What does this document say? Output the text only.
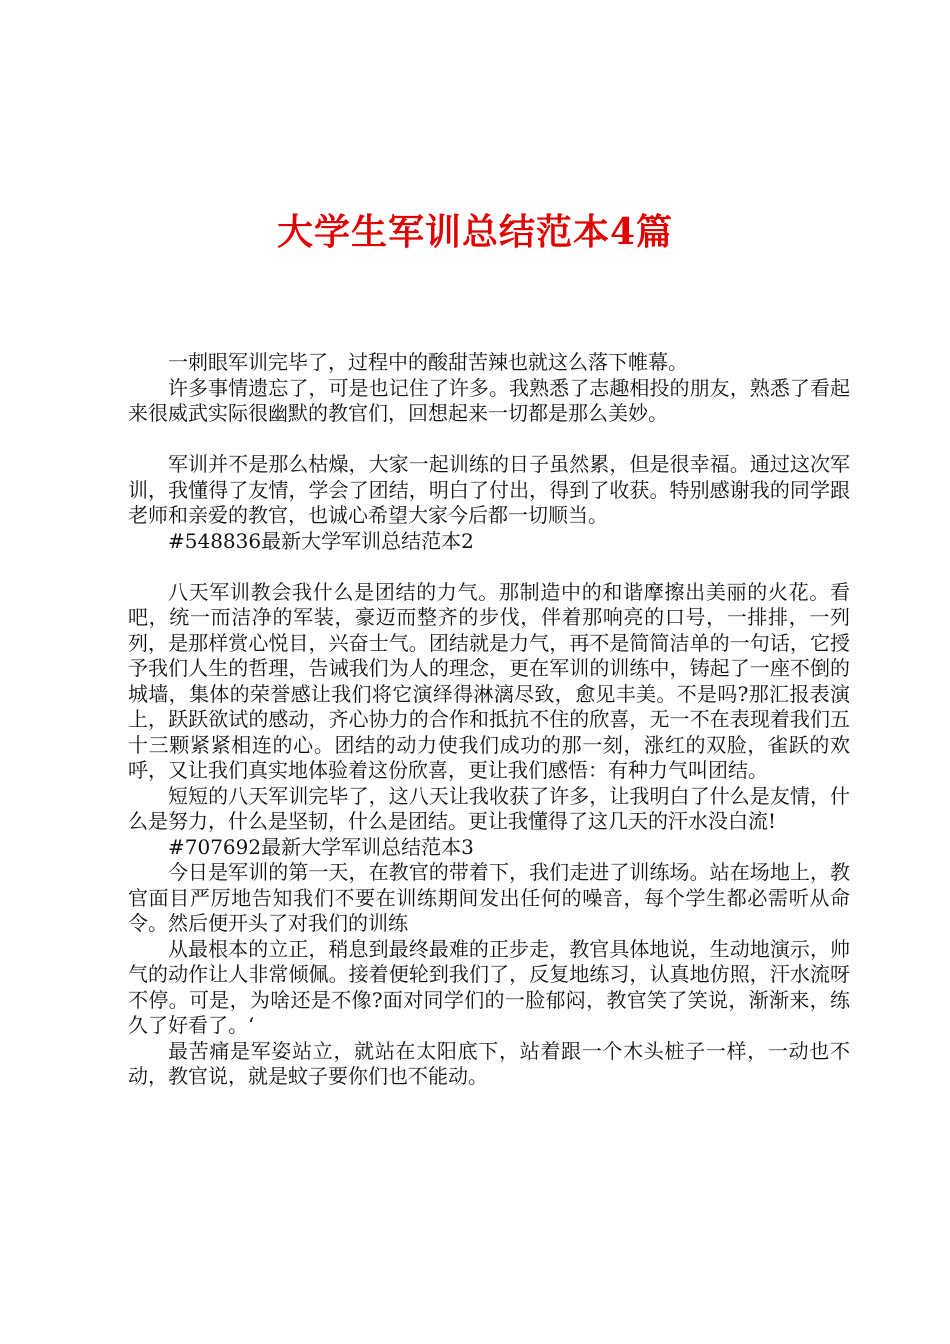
大学生军训总结范本4篇

一刺眼军训完毕了，过程中的酸甜苦辣也就这么落下帷幕。

许多事情遗忘了，可是也记住了许多。我熟悉了志趣相投的朋友，熟悉了看起来很威武实际很幽默的教官们，回想起来一切都是那么美妙。

军训并不是那么枯燥，大家一起训练的日子虽然累，但是很幸福。通过这次军训，我懂得了友情，学会了团结，明白了付出，得到了收获。特别感谢我的同学跟老师和亲爱的教官，也诚心希望大家今后都一切顺当。

#548836最新大学军训总结范本2

八天军训教会我什么是团结的力气。那制造中的和谐摩擦出美丽的火花。看吧，统一而洁净的军装，豪迈而整齐的步伐，伴着那响亮的口号，一排排，一列列，是那样赏心悦目，兴奋士气。团结就是力气，再不是简简洁单的一句话，它授予我们人生的哲理，告诫我们为人的理念，更在军训的训练中，铸起了一座不倒的城墙，集体的荣誉感让我们将它演绎得淋漓尽致，愈见丰美。不是吗?那汇报表演上，跃跃欲试的感动，齐心协力的合作和抵抗不住的欣喜，无一不在表现着我们五十三颗紧紧相连的心。团结的动力使我们成功的那一刻，涨红的双脸，雀跃的欢呼，又让我们真实地体验着这份欣喜，更让我们感悟：有种力气叫团结。

短短的八天军训完毕了，这八天让我收获了许多，让我明白了什么是友情，什么是努力，什么是坚韧，什么是团结。更让我懂得了这几天的汗水没白流!

#707692最新大学军训总结范本3

今日是军训的第一天，在教官的带着下，我们走进了训练场。站在场地上，教官面目严厉地告知我们不要在训练期间发出任何的噪音，每个学生都必需听从命令。然后便开头了对我们的训练

从最根本的立正，稍息到最终最难的正步走，教官具体地说，生动地演示，帅气的动作让人非常倾佩。接着便轮到我们了，反复地练习，认真地仿照，汗水流呀不停。可是，为啥还是不像?面对同学们的一脸郁闷，教官笑了笑说，渐渐来，练久了好看了。‘

最苦痛是军姿站立，就站在太阳底下，站着跟一个木头桩子一样，一动也不动，教官说，就是蚊子要你们也不能动。
